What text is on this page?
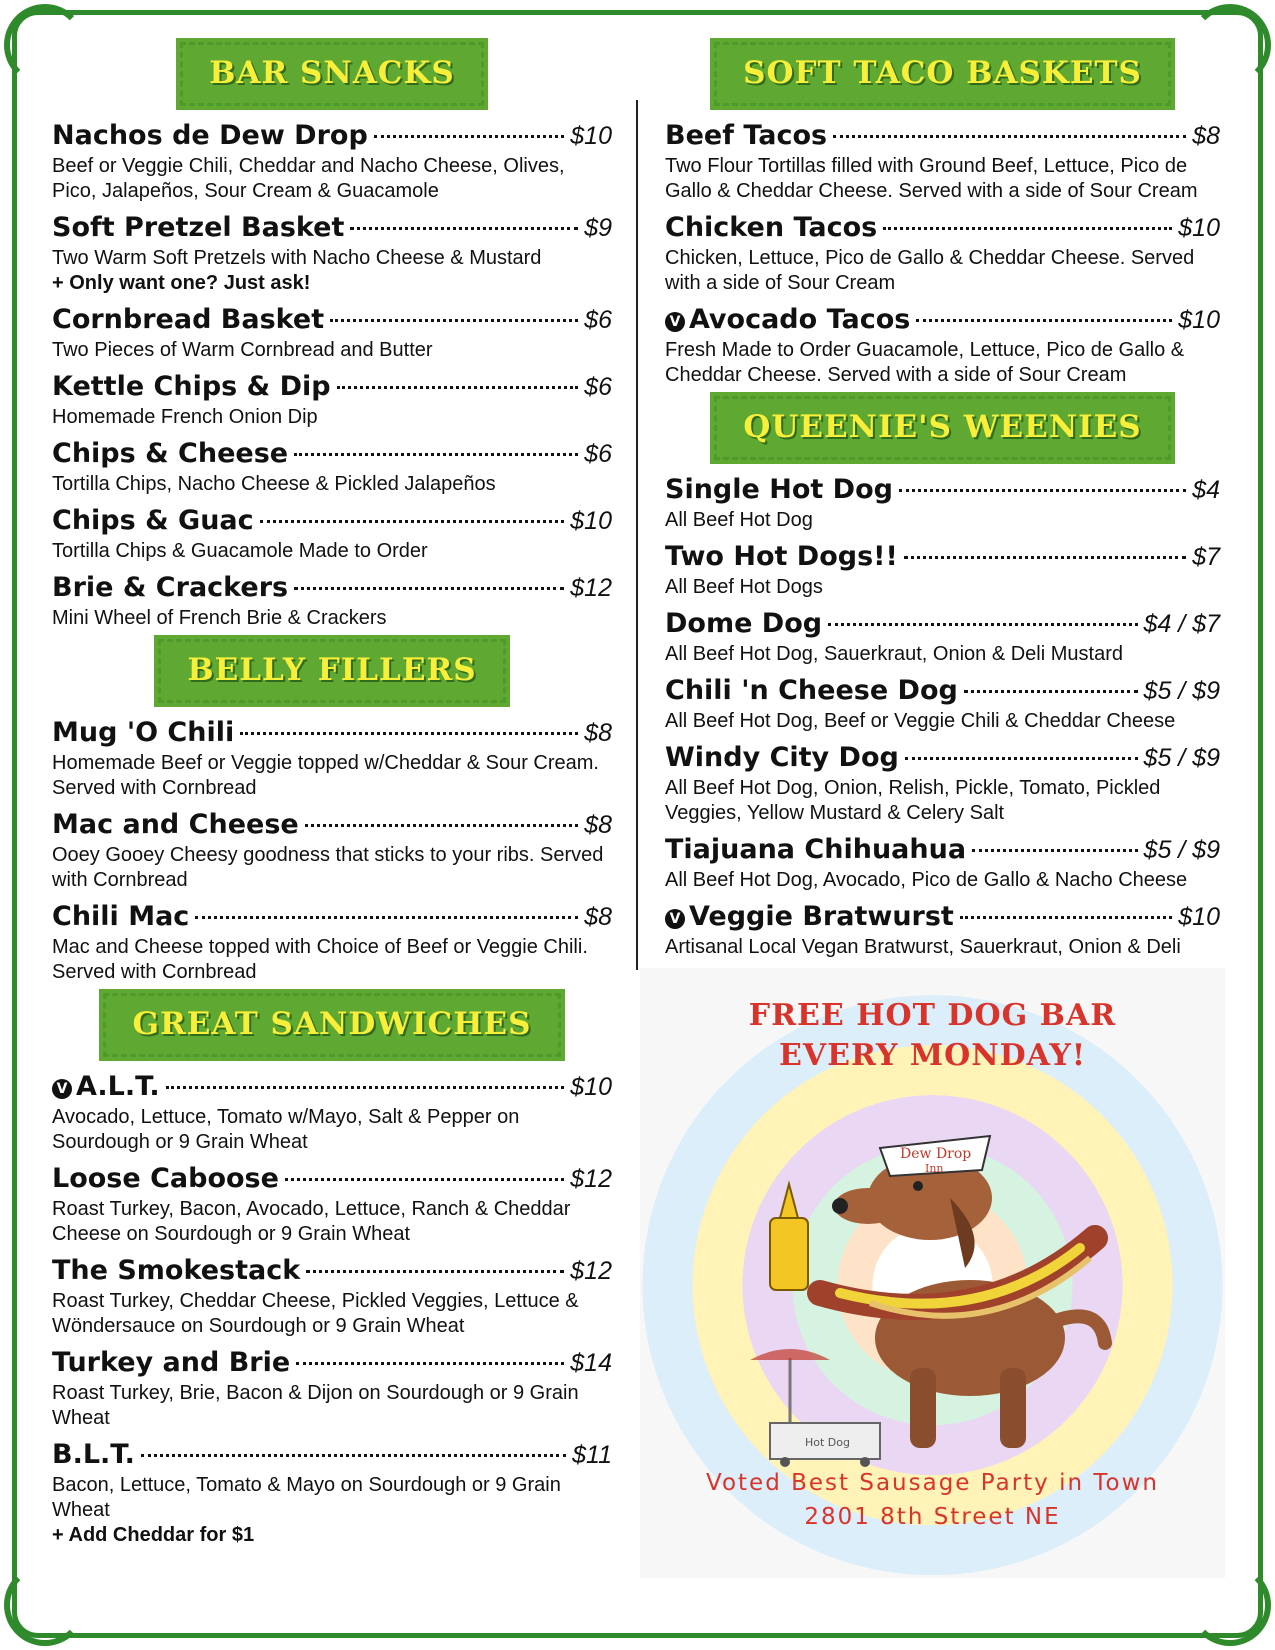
BAR SNACKS
Nachos de Dew Drop	$10
Beef or Veggie Chili, Cheddar and Nacho Cheese, Olives, Pico, Jalapeños, Sour Cream & Guacamole
Soft Pretzel Basket	$9
Two Warm Soft Pretzels with Nacho Cheese & Mustard
+ Only want one? Just ask!
Cornbread Basket	$6
Two Pieces of Warm Cornbread and Butter
Kettle Chips & Dip	$6
Homemade French Onion Dip
Chips & Cheese	$6
Tortilla Chips, Nacho Cheese & Pickled Jalapeños
Chips & Guac	$10
Tortilla Chips & Guacamole Made to Order
Brie & Crackers	$12
Mini Wheel of French Brie & Crackers
BELLY FILLERS
Mug 'O Chili	$8
Homemade Beef or Veggie topped w/Cheddar & Sour Cream. Served with Cornbread
Mac and Cheese	$8
Ooey Gooey Cheesy goodness that sticks to your ribs. Served with Cornbread
Chili Mac	$8
Mac and Cheese topped with Choice of Beef or Veggie Chili. Served with Cornbread
GREAT SANDWICHES
V A.L.T.	$10
Avocado, Lettuce, Tomato w/Mayo, Salt & Pepper on Sourdough or 9 Grain Wheat
Loose Caboose	$12
Roast Turkey, Bacon, Avocado, Lettuce, Ranch & Cheddar Cheese on Sourdough or 9 Grain Wheat
The Smokestack	$12
Roast Turkey, Cheddar Cheese, Pickled Veggies, Lettuce & Wöndersauce on Sourdough or 9 Grain Wheat
Turkey and Brie	$14
Roast Turkey, Brie, Bacon & Dijon on Sourdough or 9 Grain Wheat
B.L.T.	$11
Bacon, Lettuce, Tomato & Mayo on Sourdough or 9 Grain Wheat
+ Add Cheddar for $1
SOFT TACO BASKETS
Beef Tacos	$8
Two Flour Tortillas filled with Ground Beef, Lettuce, Pico de Gallo & Cheddar Cheese. Served with a side of Sour Cream
Chicken Tacos	$10
Chicken, Lettuce, Pico de Gallo & Cheddar Cheese. Served with a side of Sour Cream
V Avocado Tacos	$10
Fresh Made to Order Guacamole, Lettuce, Pico de Gallo & Cheddar Cheese. Served with a side of Sour Cream
QUEENIE'S WEENIES
Single Hot Dog	$4
All Beef Hot Dog
Two Hot Dogs!!	$7
All Beef Hot Dogs
Dome Dog	$4 / $7
All Beef Hot Dog, Sauerkraut, Onion & Deli Mustard
Chili 'n Cheese Dog	$5 / $9
All Beef Hot Dog, Beef or Veggie Chili & Cheddar Cheese
Windy City Dog	$5 / $9
All Beef Hot Dog, Onion, Relish, Pickle, Tomato, Pickled Veggies, Yellow Mustard & Celery Salt
Tiajuana Chihuahua	$5 / $9
All Beef Hot Dog, Avocado, Pico de Gallo & Nacho Cheese
V Veggie Bratwurst	$10
Artisanal Local Vegan Bratwurst, Sauerkraut, Onion & Deli
FREE HOT DOG BAR
EVERY MONDAY!
Hot Dog
Dew Drop
Inn
Voted Best Sausage Party in Town
2801 8th Street NE
